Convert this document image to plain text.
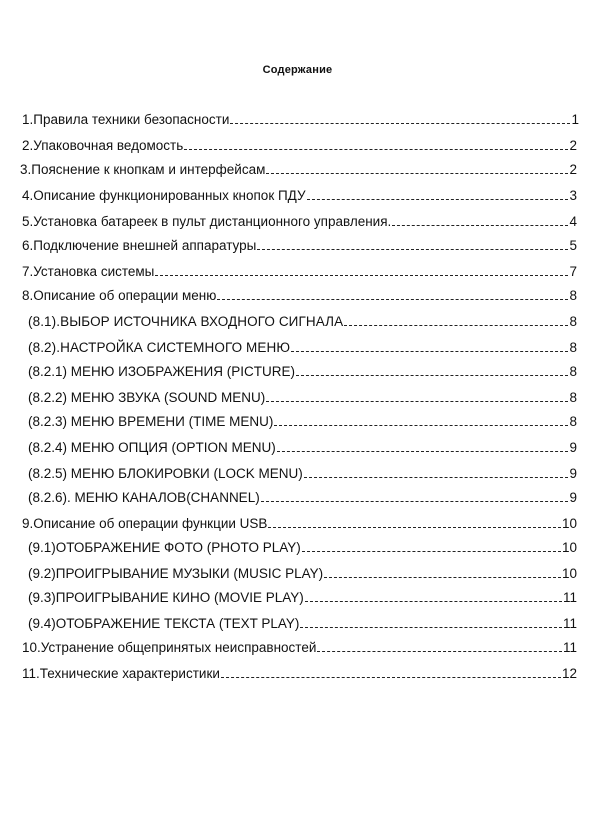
Содержание
1.Правила техники безопасности	1
2.Упаковочная ведомость	2
3.Пояснение к кнопкам и интерфейсам	2
4.Описание функционированных кнопок ПДУ	3
5.Установка батареек в пульт дистанционного управления.	4
6.Подключение внешней аппаратуры	5
7.Установка системы	7
8.Описание об операции меню	8
(8.1).ВЫБОР ИСТОЧНИКА ВХОДНОГО СИГНАЛА	8
(8.2).НАСТРОЙКА СИСТЕМНОГО МЕНЮ	8
(8.2.1) МЕНЮ ИЗОБРАЖЕНИЯ (PICTURE)	8
(8.2.2) МЕНЮ ЗВУКА (SOUND MENU)	8
(8.2.3) МЕНЮ ВРЕМЕНИ (TIME MENU)	8
(8.2.4) МЕНЮ ОПЦИЯ (OPTION MENU)	9
(8.2.5) МЕНЮ БЛОКИРОВКИ (LOCK MENU)	9
(8.2.6). МЕНЮ КАНАЛОВ(CHANNEL)	9
9.Описание об операции функции USB	10
(9.1)ОТОБРАЖЕНИЕ ФОТО (PHOTO PLAY)	10
(9.2)ПРОИГРЫВАНИЕ МУЗЫКИ (MUSIC PLAY)	10
(9.3)ПРОИГРЫВАНИЕ КИНО (MOVIE PLAY)	11
(9.4)ОТОБРАЖЕНИЕ ТЕКСТА (TEXT PLAY)	11
10.Устранение общепринятых неисправностей	11
11.Технические характеристики	12
